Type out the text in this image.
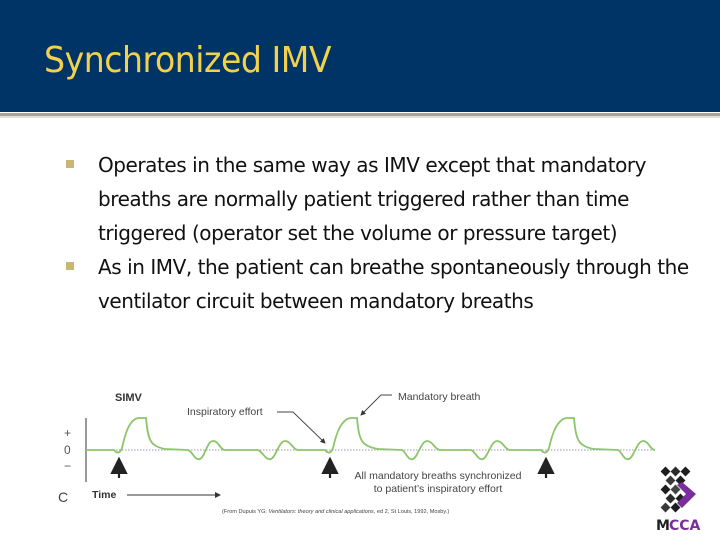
Synchronized IMV
Operates in the same way as IMV except that mandatory breaths are normally patient triggered rather than time triggered (operator set the volume or pressure target)
As in IMV, the patient can breathe spontaneously through the ventilator circuit between mandatory breaths
SIMV
+
0
−
Inspiratory effort
Mandatory breath
All mandatory breaths synchronized
to patient’s inspiratory effort
C Time
(From Dupuis YG: Ventilators: theory and clinical applications, ed 2, St Louis, 1992, Mosby.)
M CCA
